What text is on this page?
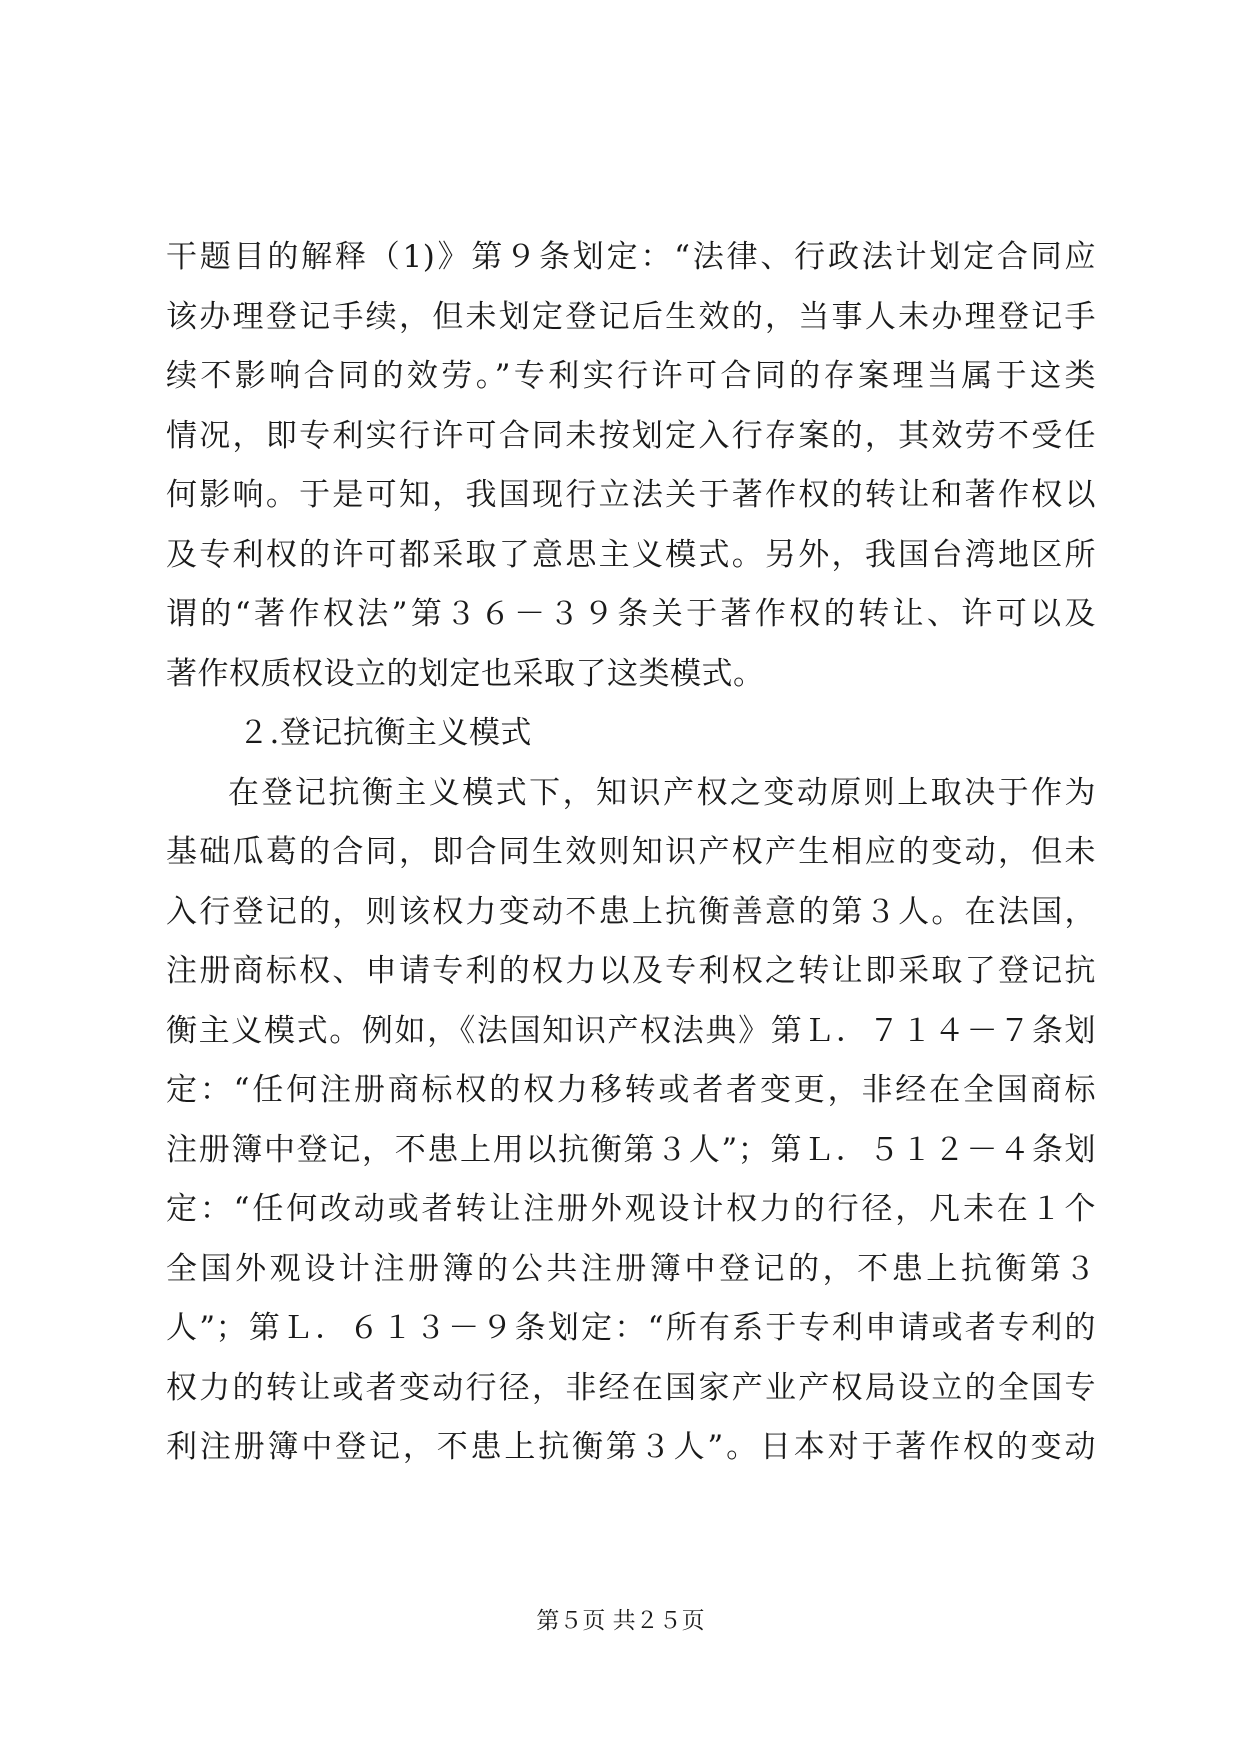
干题目的解释（1)》第９条划定：“法律、行政法计划定合同应
该办理登记手续，但未划定登记后生效的，当事人未办理登记手
续不影响合同的效劳。”专利实行许可合同的存案理当属于这类
情况，即专利实行许可合同未按划定入行存案的，其效劳不受任
何影响。于是可知，我国现行立法关于著作权的转让和著作权以
及专利权的许可都采取了意思主义模式。另外，我国台湾地区所
谓的“著作权法”第３６－３９条关于著作权的转让、许可以及
著作权质权设立的划定也采取了这类模式。
２.登记抗衡主义模式
在登记抗衡主义模式下，知识产权之变动原则上取决于作为
基础瓜葛的合同，即合同生效则知识产权产生相应的变动，但未
入行登记的，则该权力变动不患上抗衡善意的第３人。在法国，
注册商标权、申请专利的权力以及专利权之转让即采取了登记抗
衡主义模式。例如，《法国知识产权法典》第Ｌ．７１４－７条划
定：“任何注册商标权的权力移转或者者变更，非经在全国商标
注册簿中登记，不患上用以抗衡第３人”；第Ｌ．５１２－４条划
定：“任何改动或者转让注册外观设计权力的行径，凡未在１个
全国外观设计注册簿的公共注册簿中登记的，不患上抗衡第３
人”；第Ｌ．６１３－９条划定：“所有系于专利申请或者专利的
权力的转让或者变动行径，非经在国家产业产权局设立的全国专
利注册簿中登记，不患上抗衡第３人”。日本对于著作权的变动
第５页 共２５页
